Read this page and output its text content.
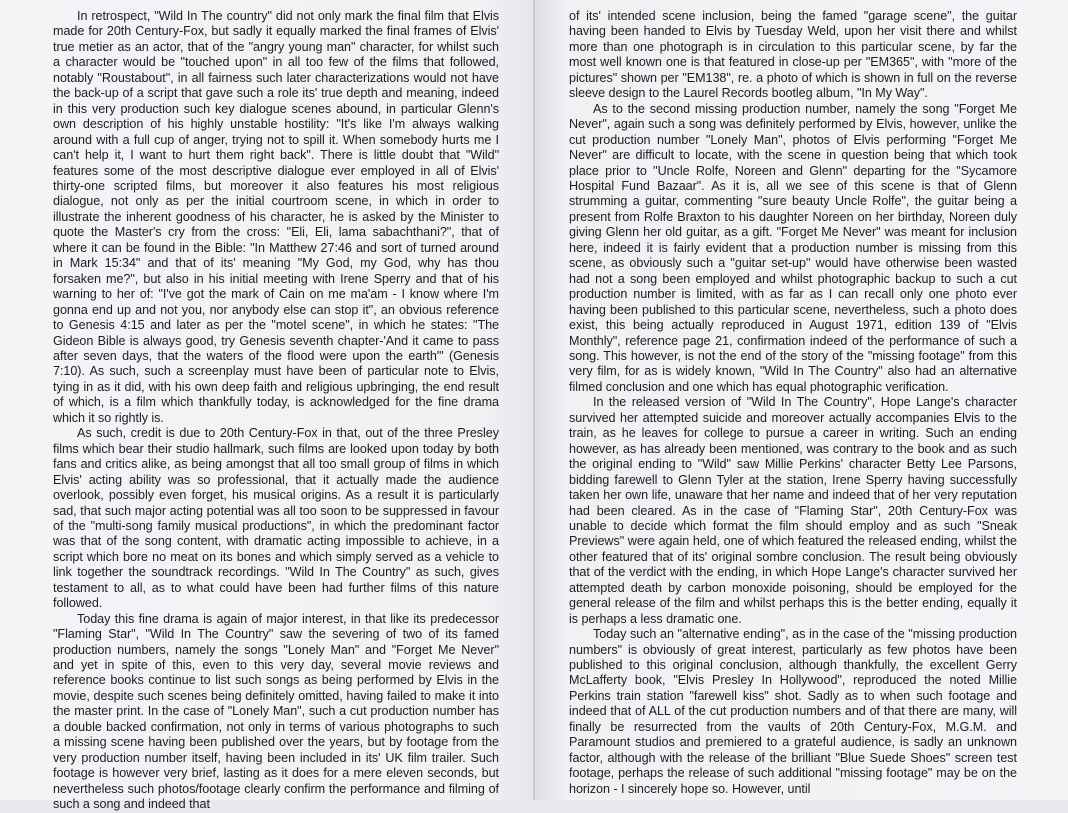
In retrospect, "Wild In The country" did not only mark the final film that Elvis made for 20th Century-Fox, but sadly it equally marked the final frames of Elvis' true metier as an actor, that of the "angry young man" character, for whilst such a character would be "touched upon" in all too few of the films that followed, notably "Roustabout", in all fairness such later characterizations would not have the back-up of a script that gave such a role its' true depth and meaning, indeed in this very production such key dialogue scenes abound, in particular Glenn's own description of his highly unstable hostility: "It's like I'm always walking around with a full cup of anger, trying not to spill it. When somebody hurts me I can't help it, I want to hurt them right back". There is little doubt that "Wild" features some of the most descriptive dialogue ever employed in all of Elvis' thirty-one scripted films, but moreover it also features his most religious dialogue, not only as per the initial courtroom scene, in which in order to illustrate the inherent goodness of his character, he is asked by the Minister to quote the Master's cry from the cross: "Eli, Eli, lama sabachthani?", that of where it can be found in the Bible: "In Matthew 27:46 and sort of turned around in Mark 15:34" and that of its' meaning "My God, my God, why has thou forsaken me?", but also in his initial meeting with Irene Sperry and that of his warning to her of: "I've got the mark of Cain on me ma'am - I know where I'm gonna end up and not you, nor anybody else can stop it", an obvious reference to Genesis 4:15 and later as per the "motel scene", in which he states: "The Gideon Bible is always good, try Genesis seventh chapter-'And it came to pass after seven days, that the waters of the flood were upon the earth'" (Genesis 7:10). As such, such a screenplay must have been of particular note to Elvis, tying in as it did, with his own deep faith and religious upbringing, the end result of which, is a film which thankfully today, is acknowledged for the fine drama which it so rightly is.

As such, credit is due to 20th Century-Fox in that, out of the three Presley films which bear their studio hallmark, such films are looked upon today by both fans and critics alike, as being amongst that all too small group of films in which Elvis' acting ability was so professional, that it actually made the audience overlook, possibly even forget, his musical origins. As a result it is particularly sad, that such major acting potential was all too soon to be suppressed in favour of the "multi-song family musical productions", in which the predominant factor was that of the song content, with dramatic acting impossible to achieve, in a script which bore no meat on its bones and which simply served as a vehicle to link together the soundtrack recordings. "Wild In The Country" as such, gives testament to all, as to what could have been had further films of this nature followed.

Today this fine drama is again of major interest, in that like its predecessor "Flaming Star", "Wild In The Country" saw the severing of two of its famed production numbers, namely the songs "Lonely Man" and "Forget Me Never" and yet in spite of this, even to this very day, several movie reviews and reference books continue to list such songs as being performed by Elvis in the movie, despite such scenes being definitely omitted, having failed to make it into the master print. In the case of "Lonely Man", such a cut production number has a double backed confirmation, not only in terms of various photographs to such a missing scene having been published over the years, but by footage from the very production number itself, having been included in its' UK film trailer. Such footage is however very brief, lasting as it does for a mere eleven seconds, but nevertheless such photos/footage clearly confirm the performance and filming of such a song and indeed that

of its' intended scene inclusion, being the famed "garage scene", the guitar having been handed to Elvis by Tuesday Weld, upon her visit there and whilst more than one photograph is in circulation to this particular scene, by far the most well known one is that featured in close-up per "EM365", with "more of the pictures" shown per "EM138", re. a photo of which is shown in full on the reverse sleeve design to the Laurel Records bootleg album, "In My Way".

As to the second missing production number, namely the song "Forget Me Never", again such a song was definitely performed by Elvis, however, unlike the cut production number "Lonely Man", photos of Elvis performing "Forget Me Never" are difficult to locate, with the scene in question being that which took place prior to "Uncle Rolfe, Noreen and Glenn" departing for the "Sycamore Hospital Fund Bazaar". As it is, all we see of this scene is that of Glenn strumming a guitar, commenting "sure beauty Uncle Rolfe", the guitar being a present from Rolfe Braxton to his daughter Noreen on her birthday, Noreen duly giving Glenn her old guitar, as a gift. "Forget Me Never" was meant for inclusion here, indeed it is fairly evident that a production number is missing from this scene, as obviously such a "guitar set-up" would have otherwise been wasted had not a song been employed and whilst photographic backup to such a cut production number is limited, with as far as I can recall only one photo ever having been published to this particular scene, nevertheless, such a photo does exist, this being actually reproduced in August 1971, edition 139 of "Elvis Monthly", reference page 21, confirmation indeed of the performance of such a song. This however, is not the end of the story of the "missing footage" from this very film, for as is widely known, "Wild In The Country" also had an alternative filmed conclusion and one which has equal photographic verification.

In the released version of "Wild In The Country", Hope Lange's character survived her attempted suicide and moreover actually accompanies Elvis to the train, as he leaves for college to pursue a career in writing. Such an ending however, as has already been mentioned, was contrary to the book and as such the original ending to "Wild" saw Millie Perkins' character Betty Lee Parsons, bidding farewell to Glenn Tyler at the station, Irene Sperry having successfully taken her own life, unaware that her name and indeed that of her very reputation had been cleared. As in the case of "Flaming Star", 20th Century-Fox was unable to decide which format the film should employ and as such "Sneak Previews" were again held, one of which featured the released ending, whilst the other featured that of its' original sombre conclusion. The result being obviously that of the verdict with the ending, in which Hope Lange's character survived her attempted death by carbon monoxide poisoning, should be employed for the general release of the film and whilst perhaps this is the better ending, equally it is perhaps a less dramatic one.

Today such an "alternative ending", as in the case of the "missing production numbers" is obviously of great interest, particularly as few photos have been published to this original conclusion, although thankfully, the excellent Gerry McLafferty book, "Elvis Presley In Hollywood", reproduced the noted Millie Perkins train station "farewell kiss" shot. Sadly as to when such footage and indeed that of ALL of the cut production numbers and of that there are many, will finally be resurrected from the vaults of 20th Century-Fox, M.G.M. and Paramount studios and premiered to a grateful audience, is sadly an unknown factor, although with the release of the brilliant "Blue Suede Shoes" screen test footage, perhaps the release of such additional "missing footage" may be on the horizon - I sincerely hope so. However, until
